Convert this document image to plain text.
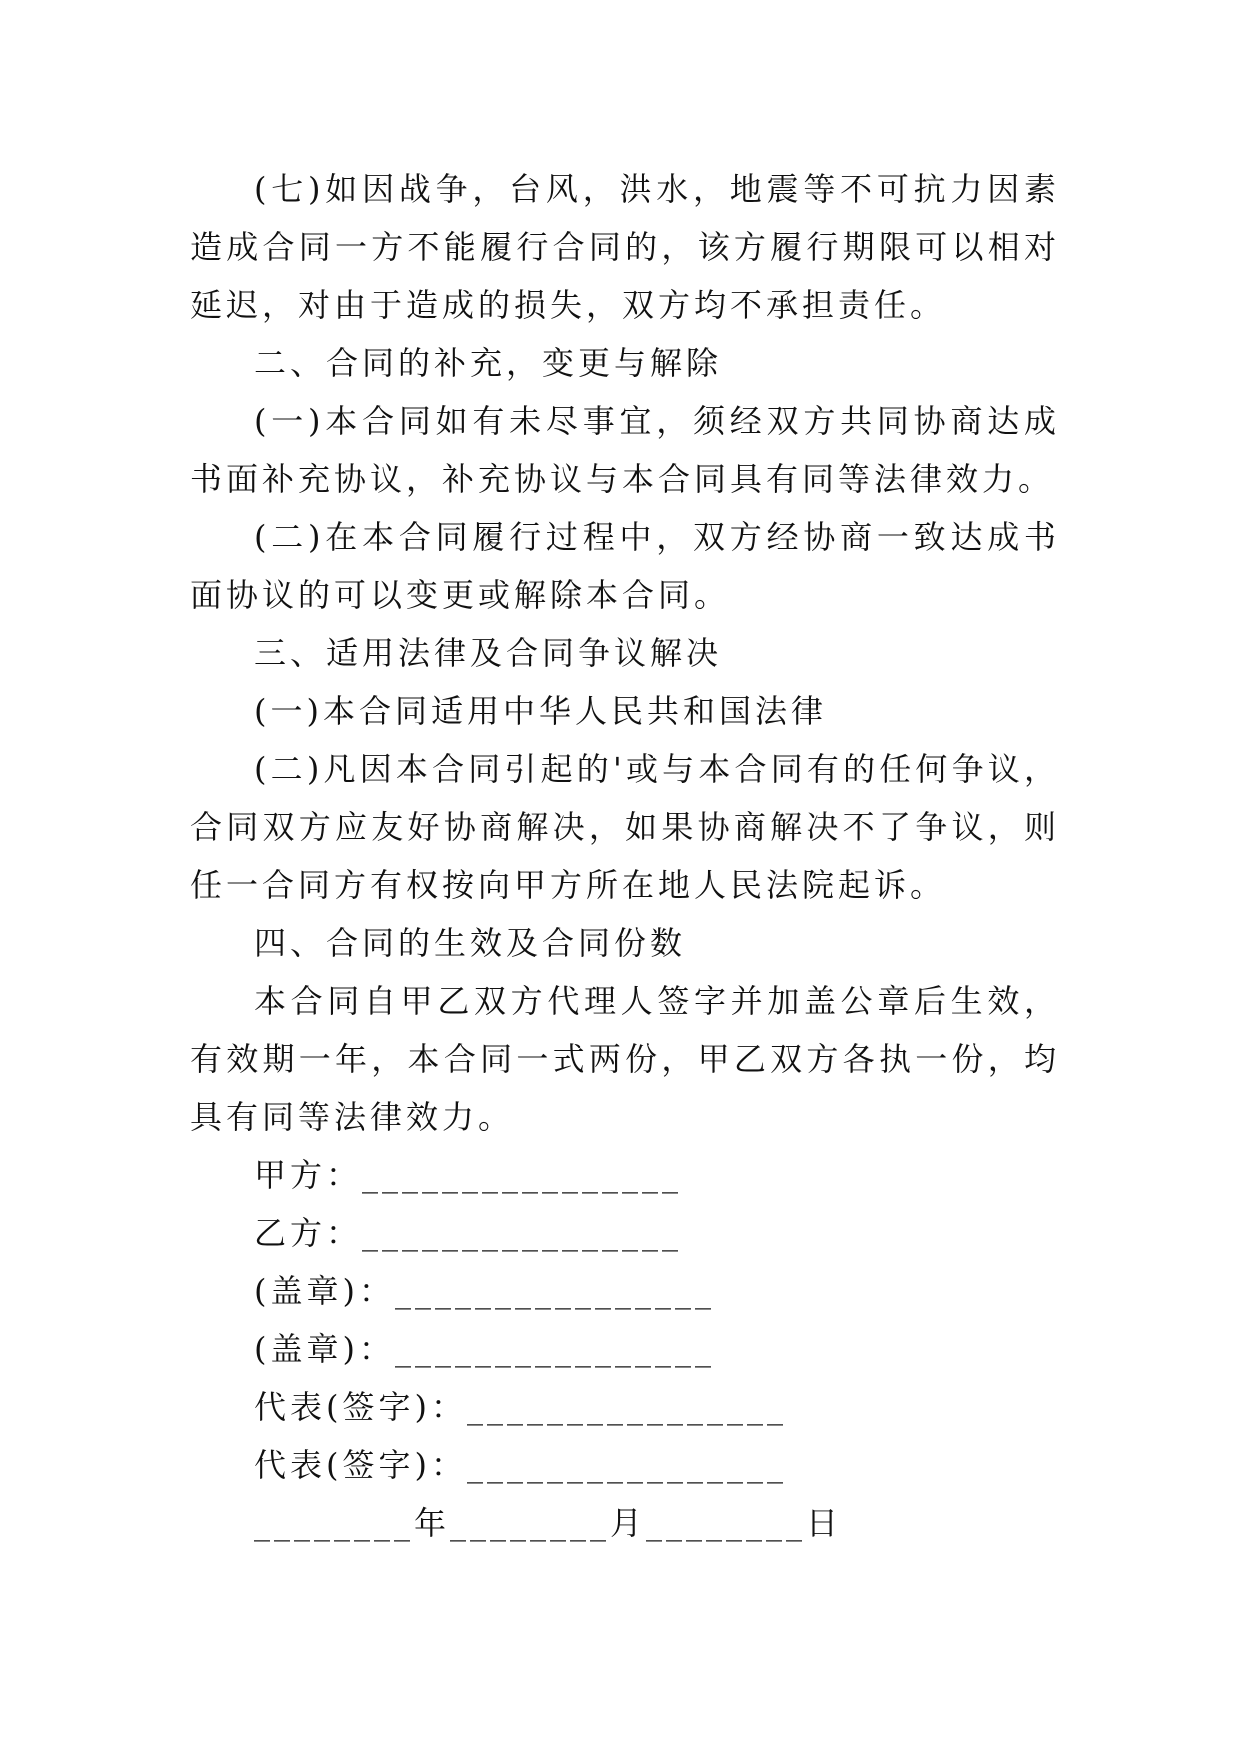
(七)如因战争，台风，洪水，地震等不可抗力因素造成合同一方不能履行合同的，该方履行期限可以相对延迟，对由于造成的损失，双方均不承担责任。

二、合同的补充，变更与解除

(一)本合同如有未尽事宜，须经双方共同协商达成书面补充协议，补充协议与本合同具有同等法律效力。

(二)在本合同履行过程中，双方经协商一致达成书面协议的可以变更或解除本合同。

三、适用法律及合同争议解决

(一)本合同适用中华人民共和国法律

(二)凡因本合同引起的'或与本合同有的任何争议，合同双方应友好协商解决，如果协商解决不了争议，则任一合同方有权按向甲方所在地人民法院起诉。

四、合同的生效及合同份数

本合同自甲乙双方代理人签字并加盖公章后生效，有效期一年，本合同一式两份，甲乙双方各执一份，均具有同等法律效力。

甲方：________________

乙方：________________

(盖章)：________________

(盖章)：________________

代表(签字)：________________

代表(签字)：________________

________年________月________日
